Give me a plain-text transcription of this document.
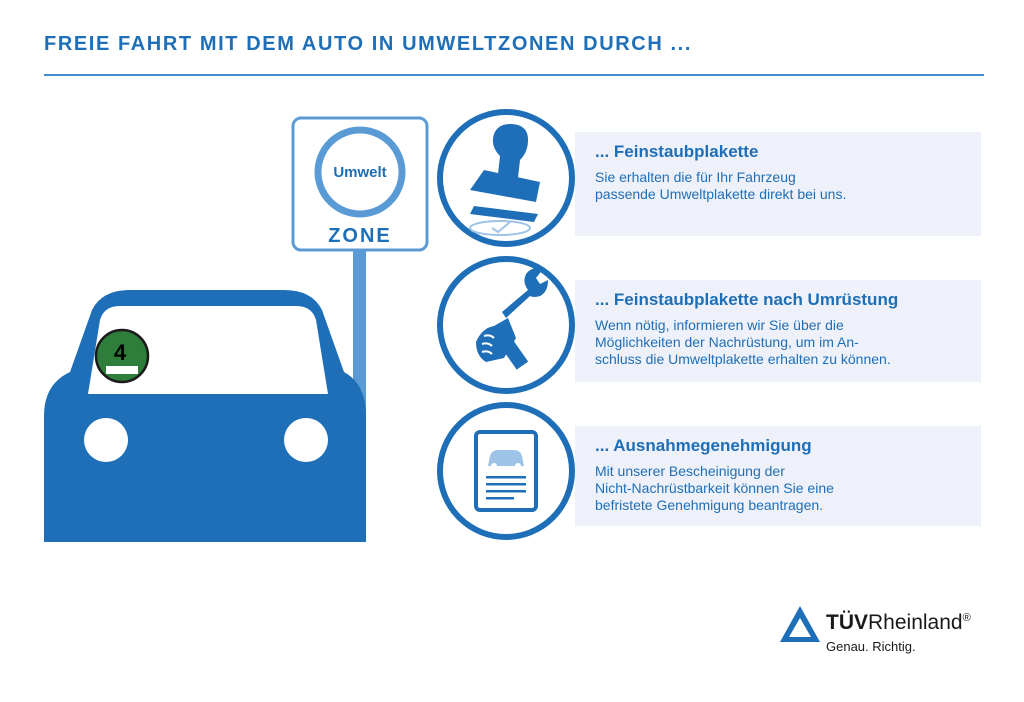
FREIE FAHRT MIT DEM AUTO IN UMWELTZONEN DURCH ...
Umwelt
ZONE
4
... Feinstaubplakette

Sie erhalten die für Ihr Fahrzeug
passende Umweltplakette direkt bei uns.

... Feinstaubplakette nach Umrüstung

Wenn nötig, informieren wir Sie über die
Möglichkeiten der Nachrüstung, um im An-
schluss die Umweltplakette erhalten zu können.

... Ausnahmegenehmigung

Mit unserer Bescheinigung der
Nicht-Nachrüstbarkeit können Sie eine
befristete Genehmigung beantragen.

TÜVRheinland®
Genau. Richtig.
